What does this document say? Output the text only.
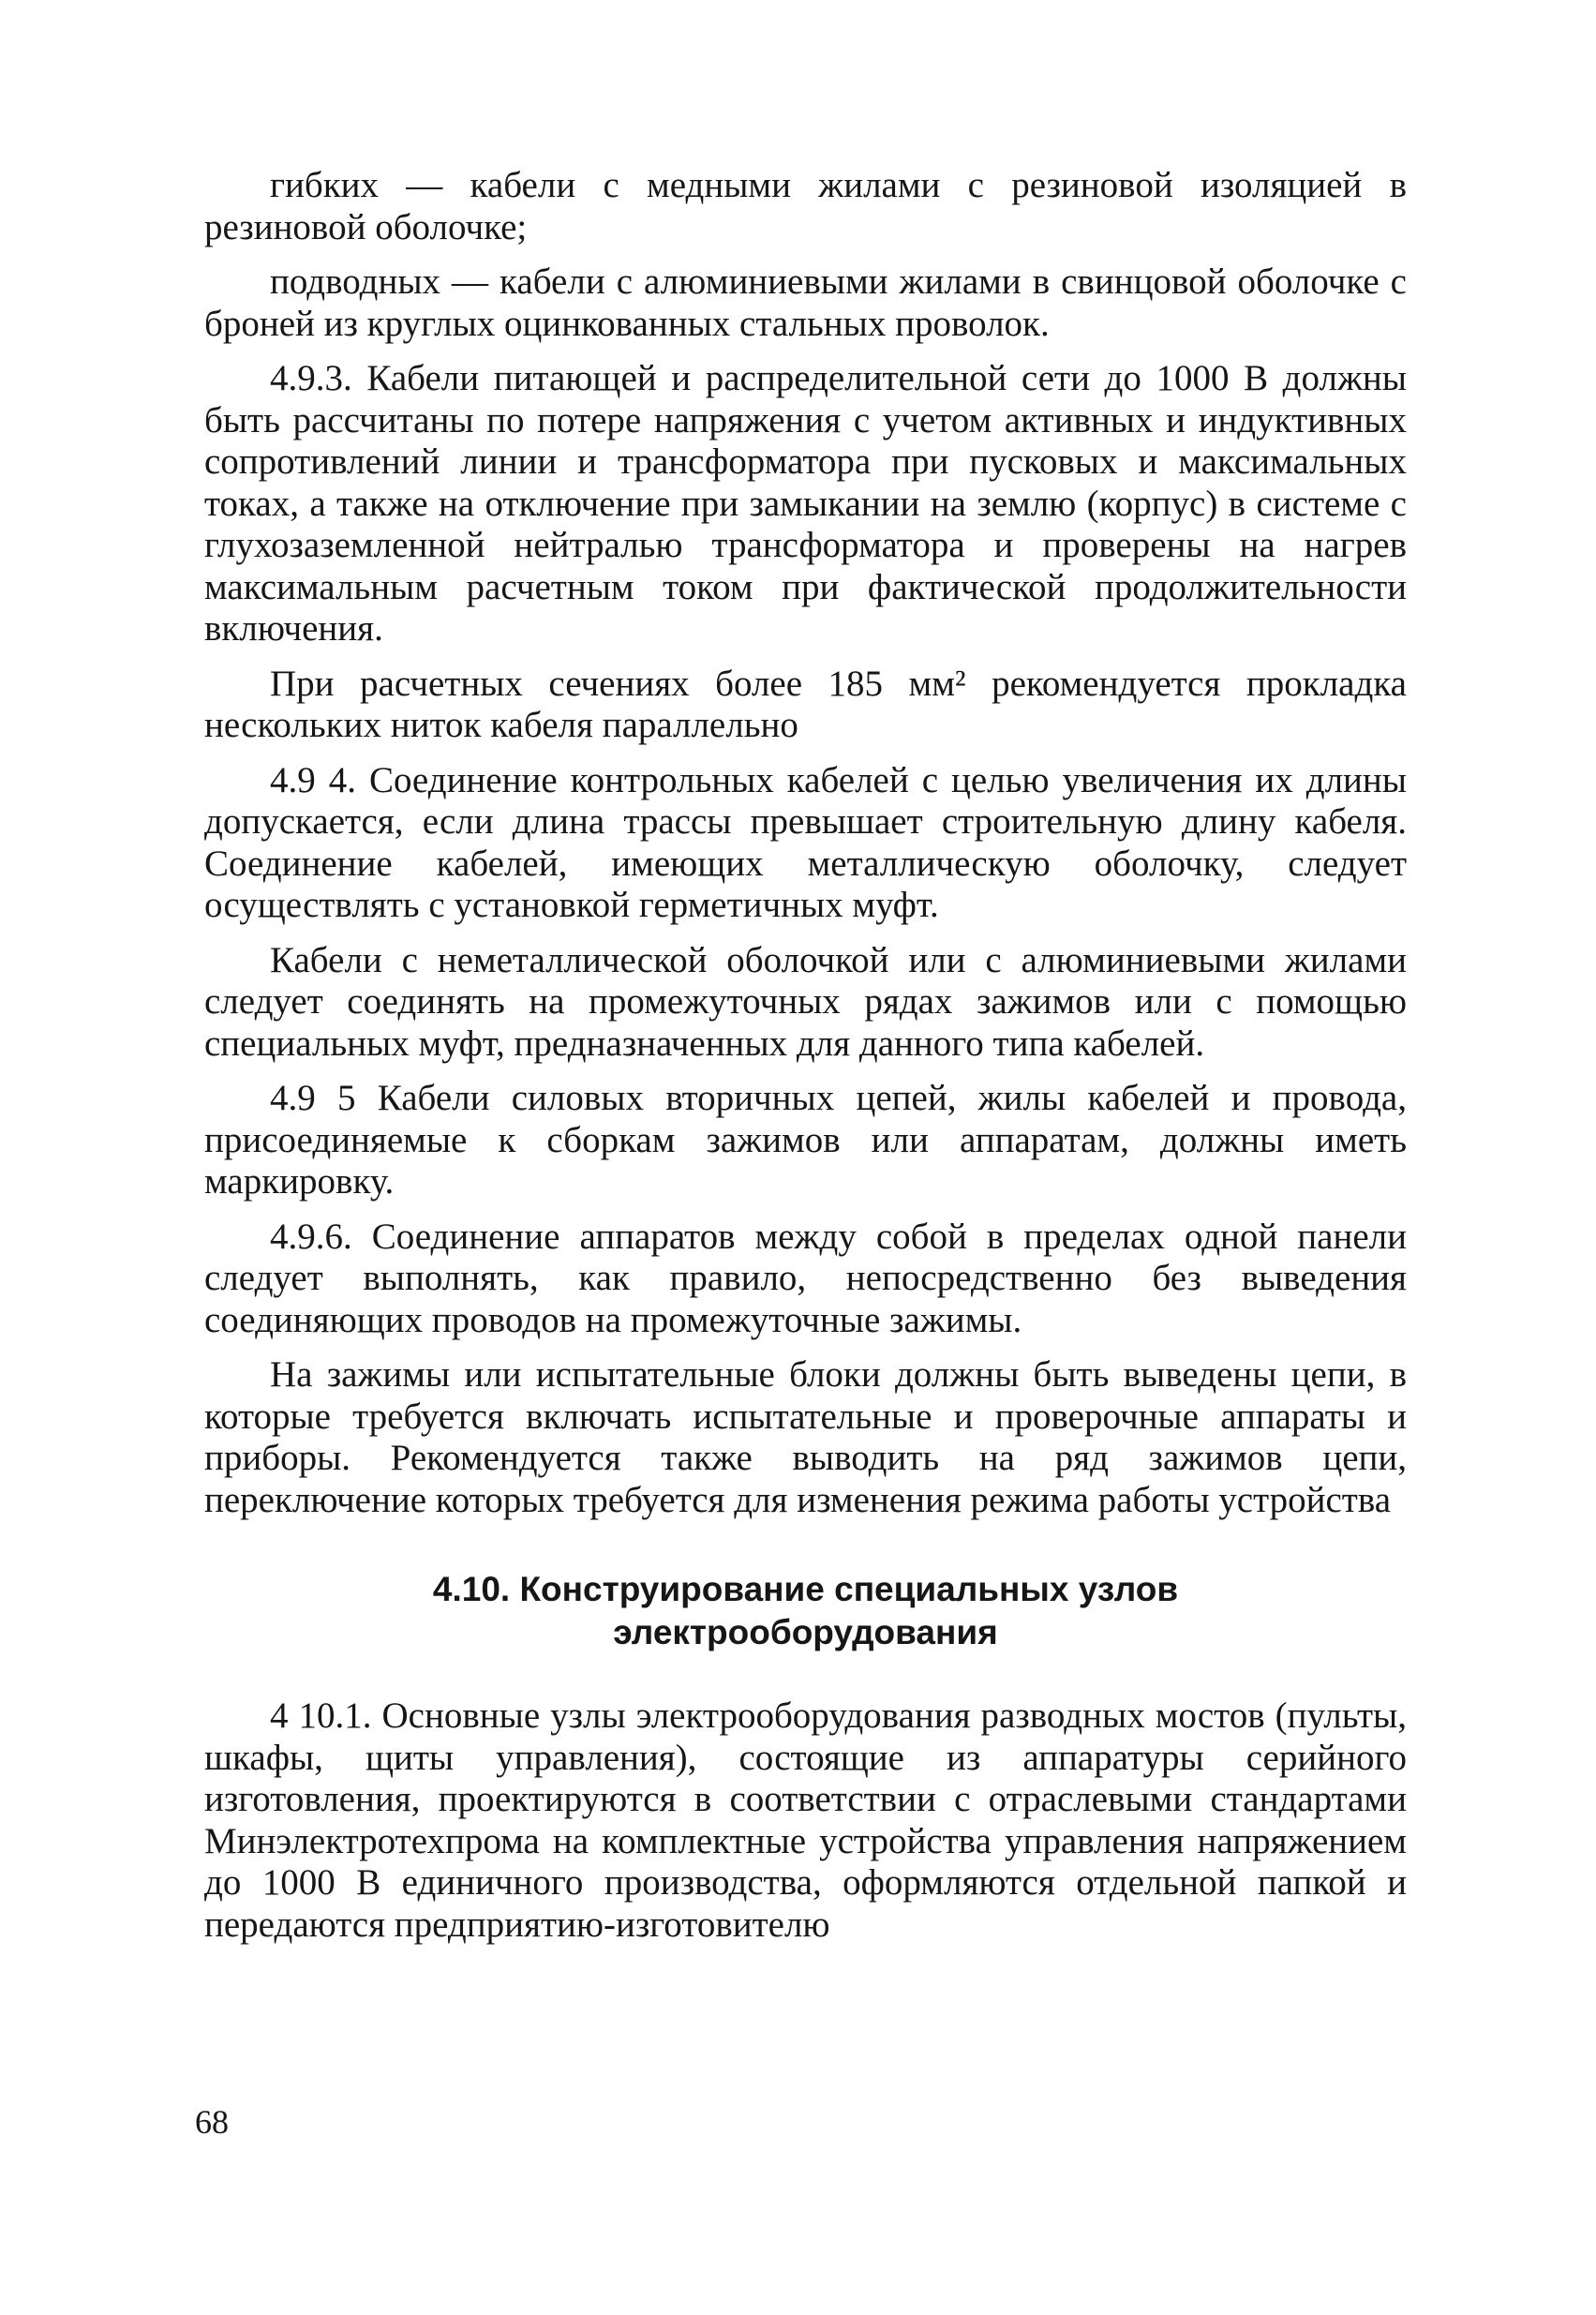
гибких — кабели с медными жилами с резиновой изоляцией в резиновой оболочке;

подводных — кабели с алюминиевыми жилами в свинцовой оболочке с броней из круглых оцинкованных стальных проволок.

4.9.3. Кабели питающей и распределительной сети до 1000 В должны быть рассчитаны по потере напряжения с учетом активных и индуктивных сопротивлений линии и трансформатора при пусковых и максимальных токах, а также на отключение при замыкании на землю (корпус) в системе с глухозаземленной нейтралью трансформатора и проверены на нагрев максимальным расчетным током при фактической продолжительности включения.

При расчетных сечениях более 185 мм² рекомендуется прокладка нескольких ниток кабеля параллельно

4.9 4. Соединение контрольных кабелей с целью увеличения их длины допускается, если длина трассы превышает строительную длину кабеля. Соединение кабелей, имеющих металлическую оболочку, следует осуществлять с установкой герметичных муфт.

Кабели с неметаллической оболочкой или с алюминиевыми жилами следует соединять на промежуточных рядах зажимов или с помощью специальных муфт, предназначенных для данного типа кабелей.

4.9 5 Кабели силовых вторичных цепей, жилы кабелей и провода, присоединяемые к сборкам зажимов или аппаратам, должны иметь маркировку.

4.9.6. Соединение аппаратов между собой в пределах одной панели следует выполнять, как правило, непосредственно без выведения соединяющих проводов на промежуточные зажимы.

На зажимы или испытательные блоки должны быть выведены цепи, в которые требуется включать испытательные и проверочные аппараты и приборы. Рекомендуется также выводить на ряд зажимов цепи, переключение которых требуется для изменения режима работы устройства

4.10. Конструирование специальных узлов
электрооборудования

4 10.1. Основные узлы электрооборудования разводных мостов (пульты, шкафы, щиты управления), состоящие из аппаратуры серийного изготовления, проектируются в соответствии с отраслевыми стандартами Минэлектротехпрома на комплектные устройства управления напряжением до 1000 В единичного производства, оформляются отдельной папкой и передаются предприятию-изготовителю

68
